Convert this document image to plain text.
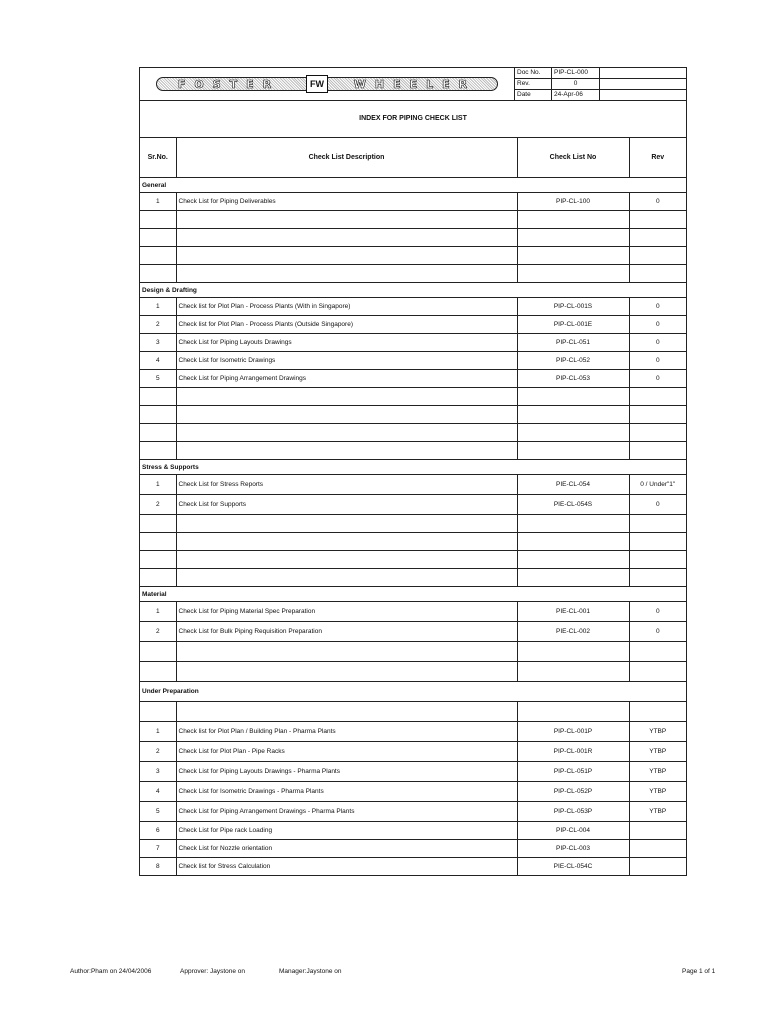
FOSTER	FW	WHEELER
Doc No.	PIP-CL-000
Rev.	0
Date	24-Apr-06
INDEX FOR PIPING CHECK LIST
Sr.No.	Check List Description	Check List No	Rev
General			
1	Check List for Piping Deliverables	PIP-CL-100	0

Design & Drafting			
1	Check list for Plot Plan - Process Plants (With in Singapore)	PIP-CL-001S	0
2	Check list for Plot Plan - Process Plants (Outside Singapore)	PIP-CL-001E	0
3	Check List for Piping Layouts Drawings	PIP-CL-051	0
4	Check List for Isometric Drawings	PIP-CL-052	0
5	Check List for Piping Arrangement Drawings	PIP-CL-053	0

Stress & Supports			
1	Check List for Stress Reports	PIE-CL-054	0 / Under"1"
2	Check List for Supports	PIE-CL-054S	0

Material			
1	Check List for Piping Material Spec Preparation	PIE-CL-001	0
2	Check List for Bulk Piping Requisition Preparation	PIE-CL-002	0

Under Preparation			

1	Check list for Plot Plan / Building Plan - Pharma Plants	PIP-CL-001P	YTBP
2	Check List for Plot Plan - Pipe Racks	PIP-CL-001R	YTBP
3	Check List for Piping Layouts Drawings - Pharma Plants	PIP-CL-051P	YTBP
4	Check List for Isometric Drawings - Pharma Plants	PIP-CL-052P	YTBP
5	Check List for Piping Arrangement Drawings - Pharma Plants	PIP-CL-053P	YTBP
6	Check List for Pipe rack Loading	PIP-CL-004	
7	Check List for Nozzle orientation	PIP-CL-003	
8	Check list for Stress Calculation	PIE-CL-054C	
Author:Pham on 24/04/2006	Approver: Jaystone on	Manager:Jaystone on	Page 1 of 1
